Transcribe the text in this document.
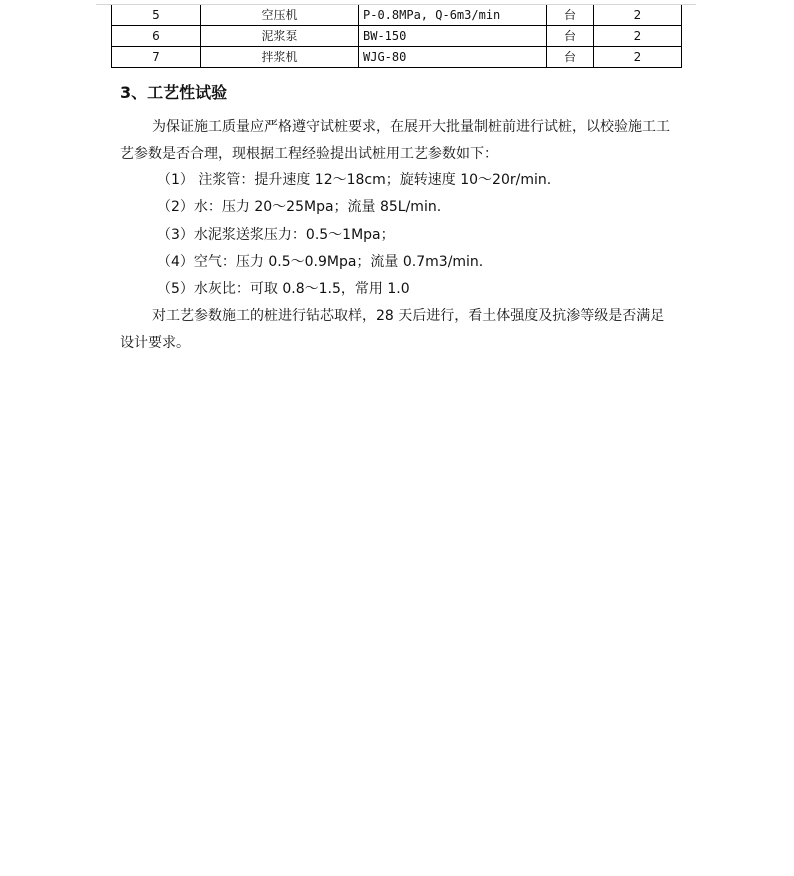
5	空压机	P-0.8MPa, Q-6m3/min	台	2
6	泥浆泵	BW-150	台	2
7	拌浆机	WJG-80	台	2
3、工艺性试验

为保证施工质量应严格遵守试桩要求，在展开大批量制桩前进行试桩，以校验施工工艺参数是否合理，现根据工程经验提出试桩用工艺参数如下：

（1） 注浆管：提升速度 12～18cm；旋转速度 10～20r/min.
（2）水：压力 20～25Mpa；流量 85L/min.
（3）水泥浆送浆压力：0.5～1Mpa；
（4）空气：压力 0.5～0.9Mpa；流量 0.7m3/min.
（5）水灰比：可取 0.8～1.5，常用 1.0

对工艺参数施工的桩进行钻芯取样，28 天后进行，看土体强度及抗渗等级是否满足设计要求。
